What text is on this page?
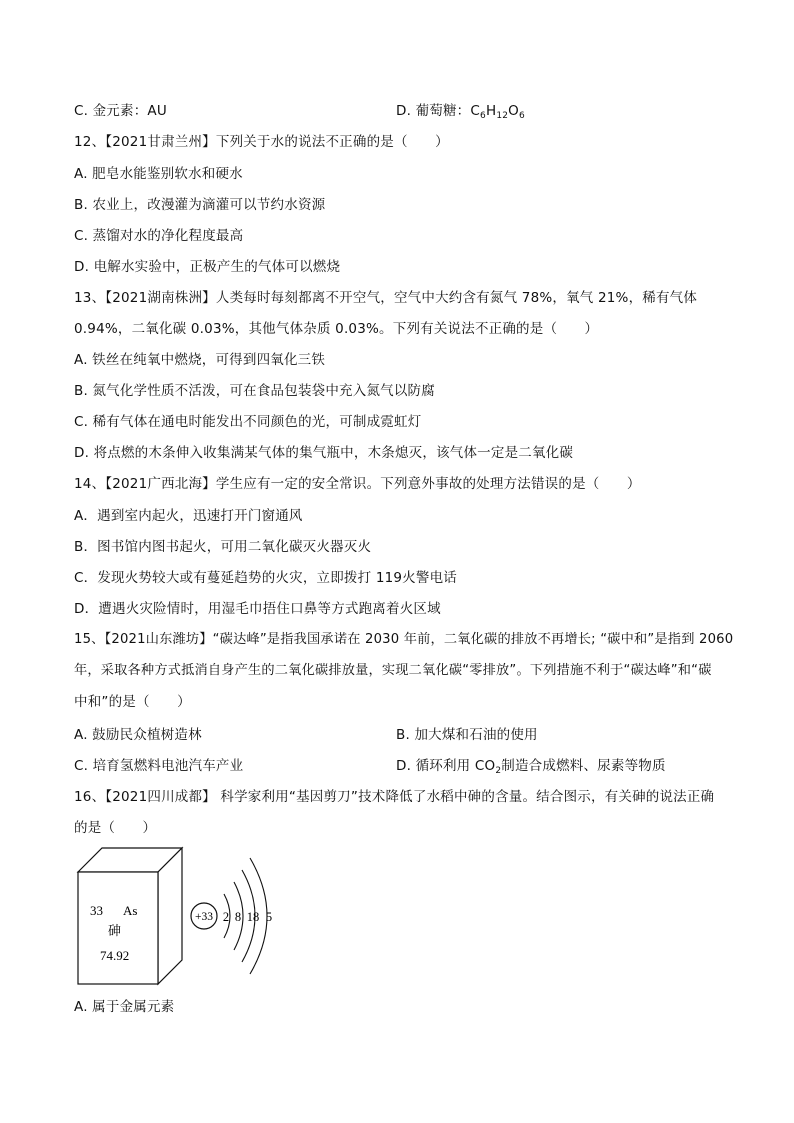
C. 金元素：AU	D. 葡萄糖：$C_6H_{12}O_6$
12、【2021甘肃兰州】下列关于水的说法不正确的是（　　）
A. 肥皂水能鉴别软水和硬水
B. 农业上，改漫灌为滴灌可以节约水资源
C. 蒸馏对水的净化程度最高
D. 电解水实验中，正极产生的气体可以燃烧
13、【2021湖南株洲】人类每时每刻都离不开空气，空气中大约含有氮气 78%，氧气 21%，稀有气体
0.94%，二氧化碳 0.03%，其他气体杂质 0.03%。下列有关说法不正确的是（　　）
A. 铁丝在纯氧中燃烧，可得到四氧化三铁
B. 氮气化学性质不活泼，可在食品包装袋中充入氮气以防腐
C. 稀有气体在通电时能发出不同颜色的光，可制成霓虹灯
D. 将点燃的木条伸入收集满某气体的集气瓶中，木条熄灭，该气体一定是二氧化碳
14、【2021广西北海】学生应有一定的安全常识。下列意外事故的处理方法错误的是（　　）
A．遇到室内起火，迅速打开门窗通风
B．图书馆内图书起火，可用二氧化碳灭火器灭火
C．发现火势较大或有蔓延趋势的火灾，立即拨打 119火警电话
D．遭遇火灾险情时，用湿毛巾捂住口鼻等方式跑离着火区域
15、【2021山东潍坊】“碳达峰”是指我国承诺在 2030 年前，二氧化碳的排放不再增长; “碳中和”是指到 2060
年，采取各种方式抵消自身产生的二氧化碳排放量，实现二氧化碳“零排放”。下列措施不利于“碳达峰”和“碳
中和”的是（　　）
A. 鼓励民众植树造林	B. 加大煤和石油的使用
C. 培育氢燃料电池汽车产业	D. 循环利用 $CO_2$制造合成燃料、尿素等物质
16、【2021四川成都】 科学家利用“基因剪刀”技术降低了水稻中砷的含量。结合图示，有关砷的说法正确
的是（　　）
33 As
砷
74.92
+33 2 8 18 5
A. 属于金属元素
